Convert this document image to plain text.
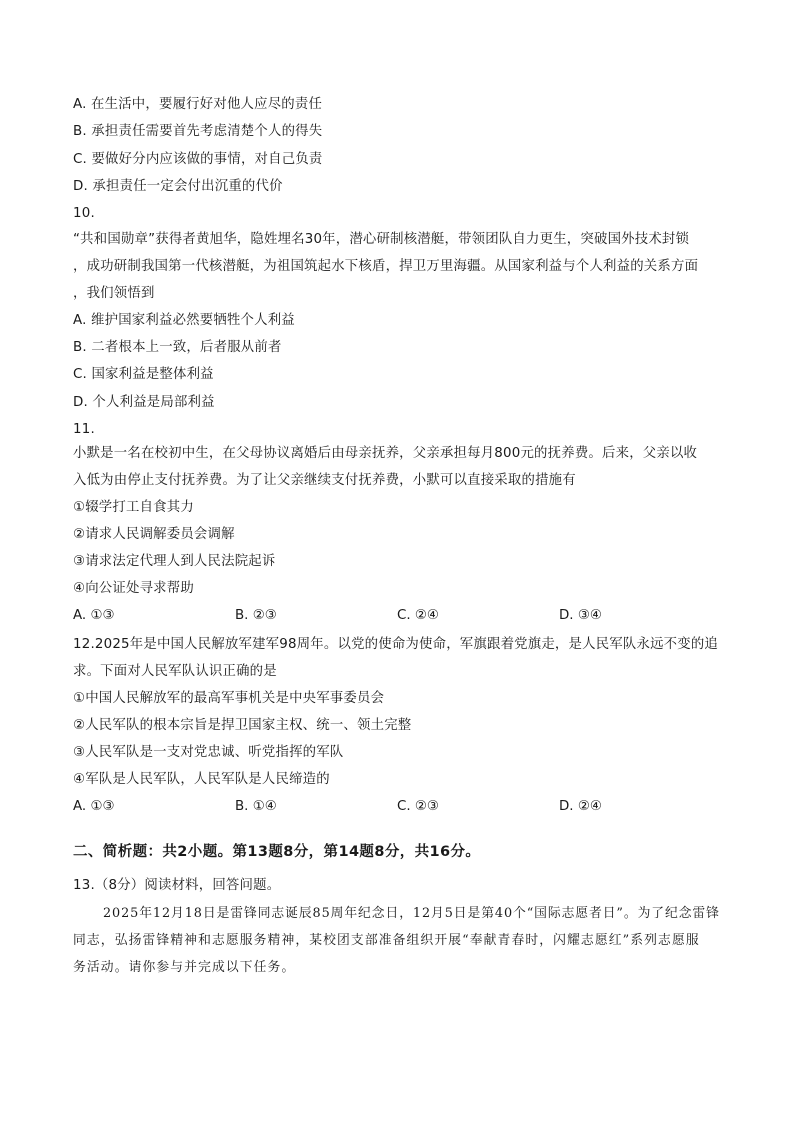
A. 在生活中，要履行好对他人应尽的责任
B. 承担责任需要首先考虑清楚个人的得失
C. 要做好分内应该做的事情，对自己负责
D. 承担责任一定会付出沉重的代价
10.
“共和国勋章”获得者黄旭华，隐姓埋名30年，潜心研制核潜艇，带领团队自力更生，突破国外技术封锁
，成功研制我国第一代核潜艇，为祖国筑起水下核盾，捍卫万里海疆。从国家利益与个人利益的关系方面
，我们领悟到
A. 维护国家利益必然要牺牲个人利益
B. 二者根本上一致，后者服从前者
C. 国家利益是整体利益
D. 个人利益是局部利益
11.
小默是一名在校初中生，在父母协议离婚后由母亲抚养，父亲承担每月800元的抚养费。后来，父亲以收
入低为由停止支付抚养费。为了让父亲继续支付抚养费，小默可以直接采取的措施有
①辍学打工自食其力
②请求人民调解委员会调解
③请求法定代理人到人民法院起诉
④向公证处寻求帮助
A. ①③	B. ②③	C. ②④	D. ③④
12.2025年是中国人民解放军建军98周年。以党的使命为使命，军旗跟着党旗走，是人民军队永远不变的追
求。下面对人民军队认识正确的是
①中国人民解放军的最高军事机关是中央军事委员会
②人民军队的根本宗旨是捍卫国家主权、统一、领土完整
③人民军队是一支对党忠诚、听党指挥的军队
④军队是人民军队，人民军队是人民缔造的
A. ①③	B. ①④	C. ②③	D. ②④
二、简析题：共2小题。第13题8分，第14题8分，共16分。
13.（8分）阅读材料，回答问题。
2025年12月18日是雷锋同志诞辰85周年纪念日，12月5日是第40个“国际志愿者日”。为了纪念雷锋
同志，弘扬雷锋精神和志愿服务精神，某校团支部准备组织开展“奉献青春时，闪耀志愿红”系列志愿服
务活动。请你参与并完成以下任务。
